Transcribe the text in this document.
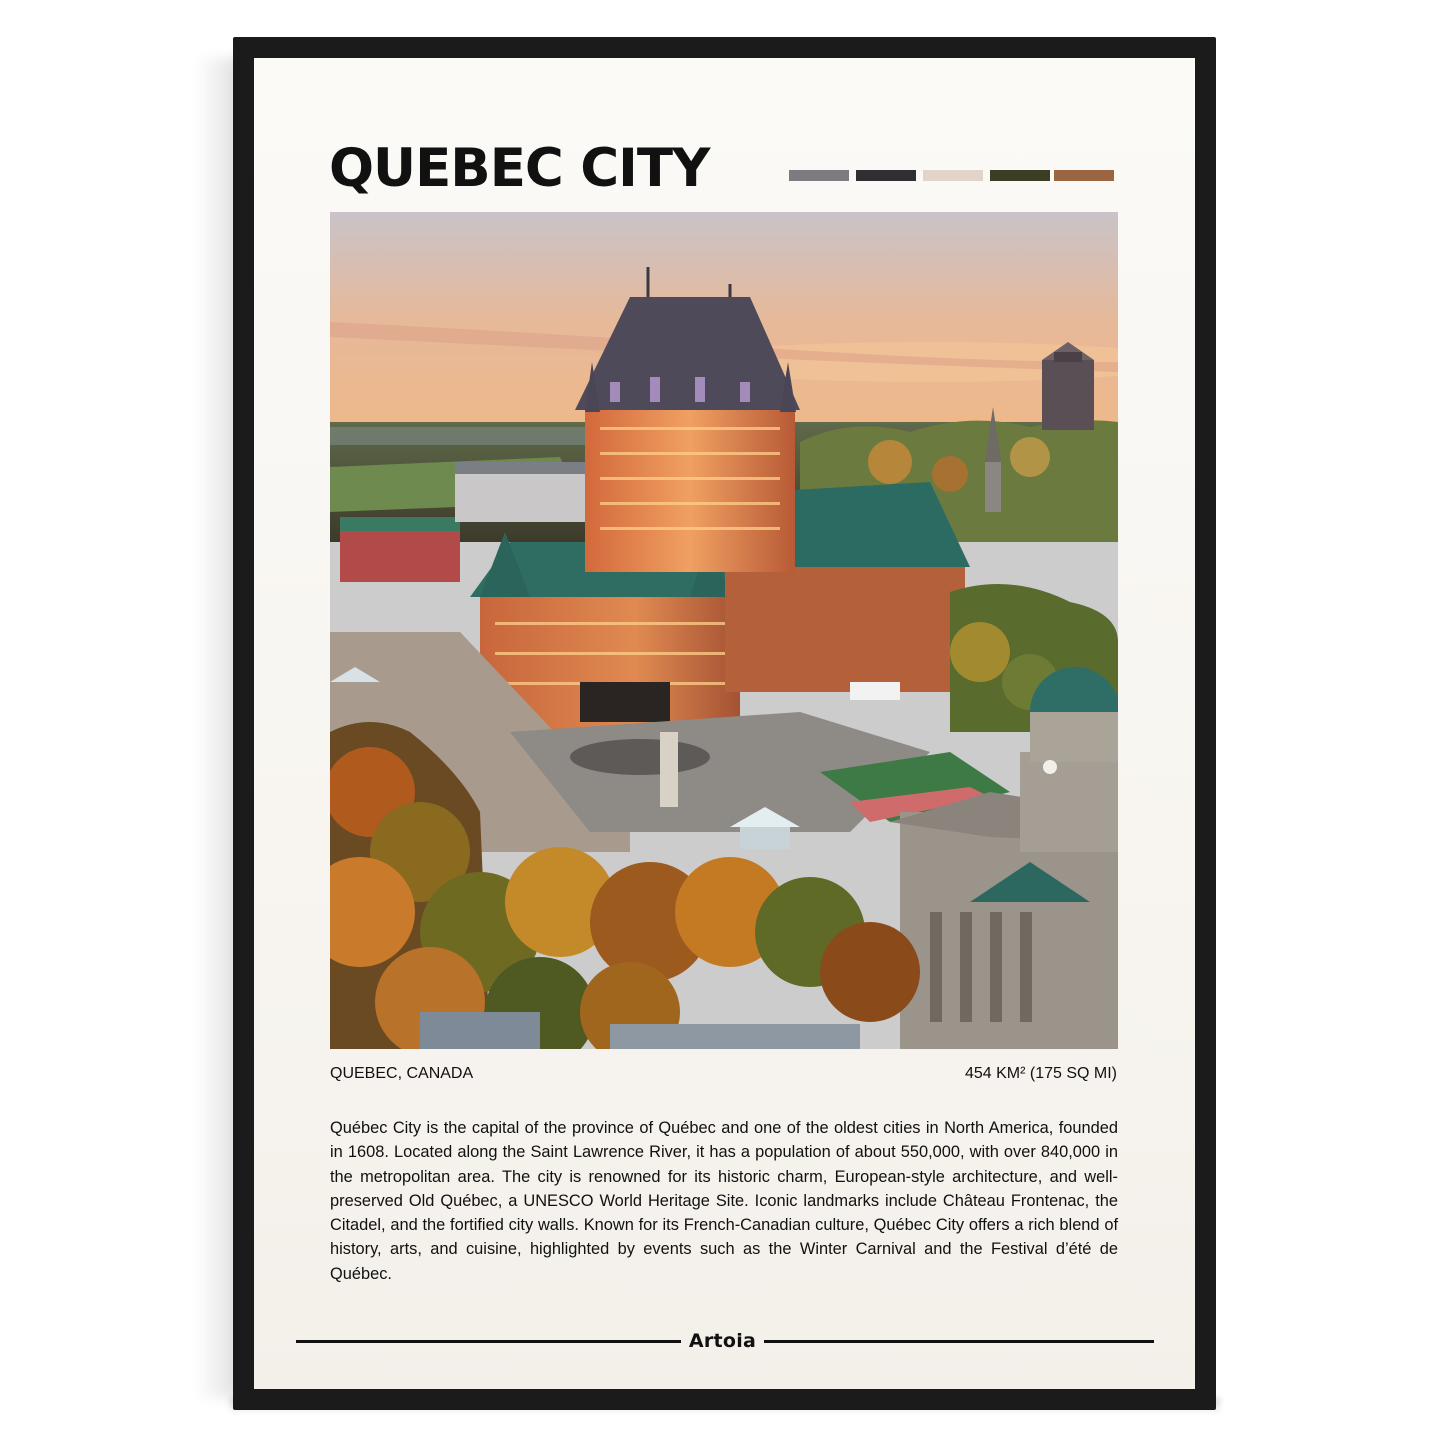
QUEBEC CITY
QUEBEC, CANADA	454 KM² (175 SQ MI)
Québec City is the capital of the province of Québec and one of the oldest cities in North America, founded in 1608. Located along the Saint Lawrence River, it has a population of about 550,000, with over 840,000 in the metropolitan area. The city is renowned for its historic charm, European-style architecture, and well-preserved Old Québec, a UNESCO World Heritage Site. Iconic landmarks include Château Frontenac, the Citadel, and the fortified city walls. Known for its French-Canadian culture, Québec City offers a rich blend of history, arts, and cuisine, highlighted by events such as the Winter Carnival and the Festival d’été de Québec.
Artoia
